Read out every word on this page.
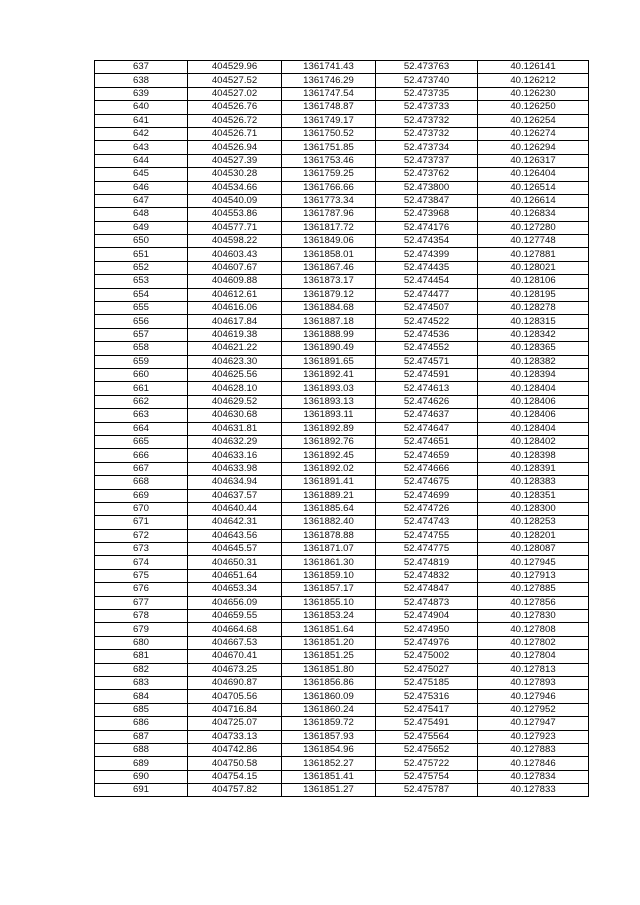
637	404529.96	1361741.43	52.473763	40.126141
638	404527.52	1361746.29	52.473740	40.126212
639	404527.02	1361747.54	52.473735	40.126230
640	404526.76	1361748.87	52.473733	40.126250
641	404526.72	1361749.17	52.473732	40.126254
642	404526.71	1361750.52	52.473732	40.126274
643	404526.94	1361751.85	52.473734	40.126294
644	404527.39	1361753.46	52.473737	40.126317
645	404530.28	1361759.25	52.473762	40.126404
646	404534.66	1361766.66	52.473800	40.126514
647	404540.09	1361773.34	52.473847	40.126614
648	404553.86	1361787.96	52.473968	40.126834
649	404577.71	1361817.72	52.474176	40.127280
650	404598.22	1361849.06	52.474354	40.127748
651	404603.43	1361858.01	52.474399	40.127881
652	404607.67	1361867.46	52.474435	40.128021
653	404609.88	1361873.17	52.474454	40.128106
654	404612.61	1361879.12	52.474477	40.128195
655	404616.06	1361884.68	52.474507	40.128278
656	404617.84	1361887.18	52.474522	40.128315
657	404619.38	1361888.99	52.474536	40.128342
658	404621.22	1361890.49	52.474552	40.128365
659	404623.30	1361891.65	52.474571	40.128382
660	404625.56	1361892.41	52.474591	40.128394
661	404628.10	1361893.03	52.474613	40.128404
662	404629.52	1361893.13	52.474626	40.128406
663	404630.68	1361893.11	52.474637	40.128406
664	404631.81	1361892.89	52.474647	40.128404
665	404632.29	1361892.76	52.474651	40.128402
666	404633.16	1361892.45	52.474659	40.128398
667	404633.98	1361892.02	52.474666	40.128391
668	404634.94	1361891.41	52.474675	40.128383
669	404637.57	1361889.21	52.474699	40.128351
670	404640.44	1361885.64	52.474726	40.128300
671	404642.31	1361882.40	52.474743	40.128253
672	404643.56	1361878.88	52.474755	40.128201
673	404645.57	1361871.07	52.474775	40.128087
674	404650.31	1361861.30	52.474819	40.127945
675	404651.64	1361859.10	52.474832	40.127913
676	404653.34	1361857.17	52.474847	40.127885
677	404656.09	1361855.10	52.474873	40.127856
678	404659.55	1361853.24	52.474904	40.127830
679	404664.68	1361851.64	52.474950	40.127808
680	404667.53	1361851.20	52.474976	40.127802
681	404670.41	1361851.25	52.475002	40.127804
682	404673.25	1361851.80	52.475027	40.127813
683	404690.87	1361856.86	52.475185	40.127893
684	404705.56	1361860.09	52.475316	40.127946
685	404716.84	1361860.24	52.475417	40.127952
686	404725.07	1361859.72	52.475491	40.127947
687	404733.13	1361857.93	52.475564	40.127923
688	404742.86	1361854.96	52.475652	40.127883
689	404750.58	1361852.27	52.475722	40.127846
690	404754.15	1361851.41	52.475754	40.127834
691	404757.82	1361851.27	52.475787	40.127833
